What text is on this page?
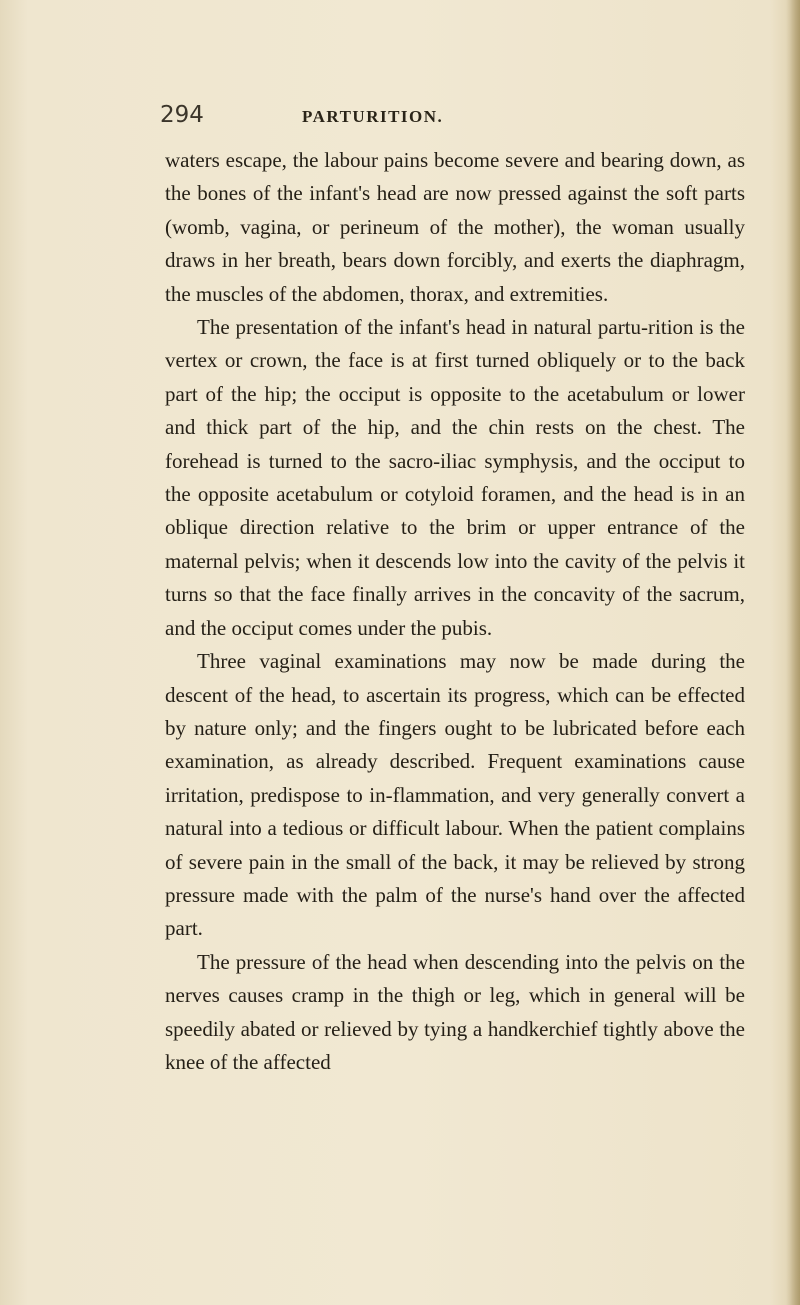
294	PARTURITION.

waters escape, the labour pains become severe and bearing down, as the bones of the infant's head are now pressed against the soft parts (womb, vagina, or perineum of the mother), the woman usually draws in her breath, bears down forcibly, and exerts the diaphragm, the muscles of the abdomen, thorax, and extremities.

The presentation of the infant's head in natural partu-rition is the vertex or crown, the face is at first turned obliquely or to the back part of the hip; the occiput is opposite to the acetabulum or lower and thick part of the hip, and the chin rests on the chest. The forehead is turned to the sacro-iliac symphysis, and the occiput to the opposite acetabulum or cotyloid foramen, and the head is in an oblique direction relative to the brim or upper entrance of the maternal pelvis; when it descends low into the cavity of the pelvis it turns so that the face finally arrives in the concavity of the sacrum, and the occiput comes under the pubis.

Three vaginal examinations may now be made during the descent of the head, to ascertain its progress, which can be effected by nature only; and the fingers ought to be lubricated before each examination, as already described. Frequent examinations cause irritation, predispose to in-flammation, and very generally convert a natural into a tedious or difficult labour. When the patient complains of severe pain in the small of the back, it may be relieved by strong pressure made with the palm of the nurse's hand over the affected part.

The pressure of the head when descending into the pelvis on the nerves causes cramp in the thigh or leg, which in general will be speedily abated or relieved by tying a handkerchief tightly above the knee of the affected
